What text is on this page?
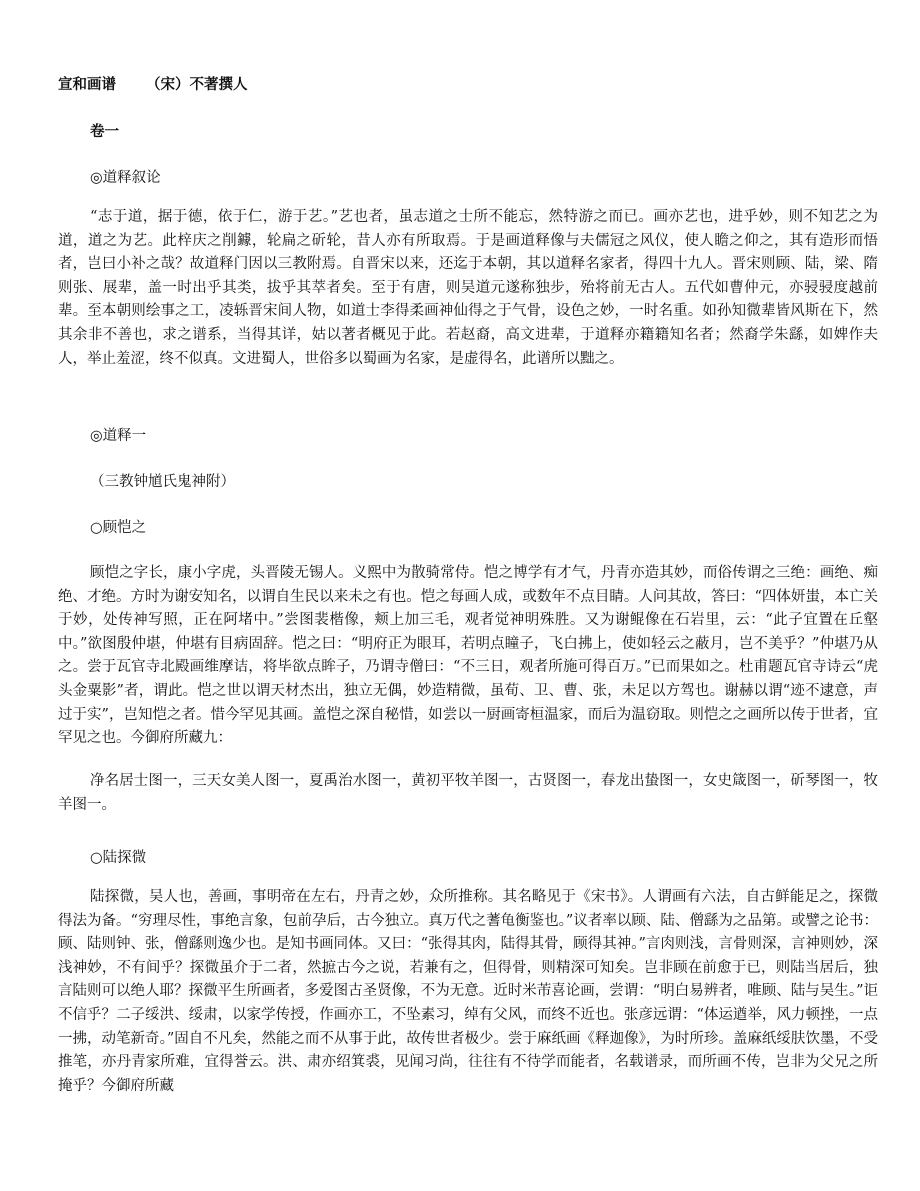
宣和画谱 （宋）不著撰人
卷一
◎道释叙论

“志于道，据于德，依于仁，游于艺。”艺也者，虽志道之士所不能忘，然特游之而已。画亦艺也，进乎妙，则不知艺之为道，道之为艺。此梓庆之削鐻，轮扁之斫轮，昔人亦有所取焉。于是画道释像与夫儒冠之风仪，使人瞻之仰之，其有造形而悟者，岂曰小补之哉？故道释门因以三教附焉。自晋宋以来，还迄于本朝，其以道释名家者，得四十九人。晋宋则顾、陆，梁、隋则张、展辈，盖一时出乎其类，拔乎其萃者矣。至于有唐，则吴道元遂称独步，殆将前无古人。五代如曹仲元，亦骎骎度越前辈。至本朝则绘事之工，凌轹晋宋间人物，如道士李得柔画神仙得之于气骨，设色之妙，一时名重。如孙知微辈皆风斯在下，然其余非不善也，求之谱系，当得其详，姑以著者概见于此。若赵裔，高文进辈，于道释亦籍籍知名者；然裔学朱繇，如婢作夫人，举止羞涩，终不似真。文进蜀人，世俗多以蜀画为名家，是虚得名，此谱所以黜之。

◎道释一
（三教钟馗氏鬼神附）
○顾恺之

顾恺之字长，康小字虎，头晋陵无锡人。义熙中为散骑常侍。恺之博学有才气，丹青亦造其妙，而俗传谓之三绝：画绝、痴绝、才绝。方时为谢安知名，以谓自生民以来未之有也。恺之每画人成，或数年不点目睛。人问其故，答曰：“四体妍蚩，本亡关于妙，处传神写照，正在阿堵中。”尝图裴楷像，颊上加三毛，观者觉神明殊胜。又为谢鲲像在石岩里，云：“此子宜置在丘壑中。”欲图殷仲堪，仲堪有目病固辞。恺之曰：“明府正为眼耳，若明点瞳子，飞白拂上，使如轻云之蔽月，岂不美乎？”仲堪乃从之。尝于瓦官寺北殿画维摩诘，将毕欲点眸子，乃谓寺僧曰：“不三日，观者所施可得百万。”已而果如之。杜甫题瓦官寺诗云“虎头金粟影”者，谓此。恺之世以谓天材杰出，独立无偶，妙造精微，虽荀、卫、曹、张，未足以方驾也。谢赫以谓“迹不逮意，声过于实”，岂知恺之者。惜今罕见其画。盖恺之深自秘惜，如尝以一厨画寄桓温家，而后为温窃取。则恺之之画所以传于世者，宜罕见之也。今御府所藏九：

净名居士图一，三天女美人图一，夏禹治水图一，黄初平牧羊图一，古贤图一，春龙出蛰图一，女史箴图一，斫琴图一，牧羊图一。

○陆探微

陆探微，吴人也，善画，事明帝在左右，丹青之妙，众所推称。其名略见于《宋书》。人谓画有六法，自古鲜能足之，探微得法为备。“穷理尽性，事绝言象，包前孕后，古今独立。真万代之蓍龟衡鉴也。”议者率以顾、陆、僧繇为之品第。或譬之论书：顾、陆则钟、张，僧繇则逸少也。是知书画同体。又曰：“张得其肉，陆得其骨，顾得其神。”言肉则浅，言骨则深，言神则妙，深浅神妙，不有间乎？探微虽介于二者，然摭古今之说，若兼有之，但得骨，则精深可知矣。岂非顾在前愈于已，则陆当居后，独言陆则可以绝人耶？探微平生所画者，多爱图古圣贤像，不为无意。近时米芾喜论画，尝谓：“明白易辨者，唯顾、陆与吴生。”讵不信乎？二子绥洪、绥肃，以家学传授，作画亦工，不坠素习，绰有父风，而终不近也。张彦远谓：“体运遒举，风力顿挫，一点一拂，动笔新奇。”固自不凡矣，然能之而不从事于此，故传世者极少。尝于麻纸画《释迦像》，为时所珍。盖麻纸绥肤饮墨，不受推笔，亦丹青家所难，宜得誉云。洪、肃亦绍箕裘，见闻习尚，往往有不待学而能者，名载谱录，而所画不传，岂非为父兄之所掩乎？今御府所藏
